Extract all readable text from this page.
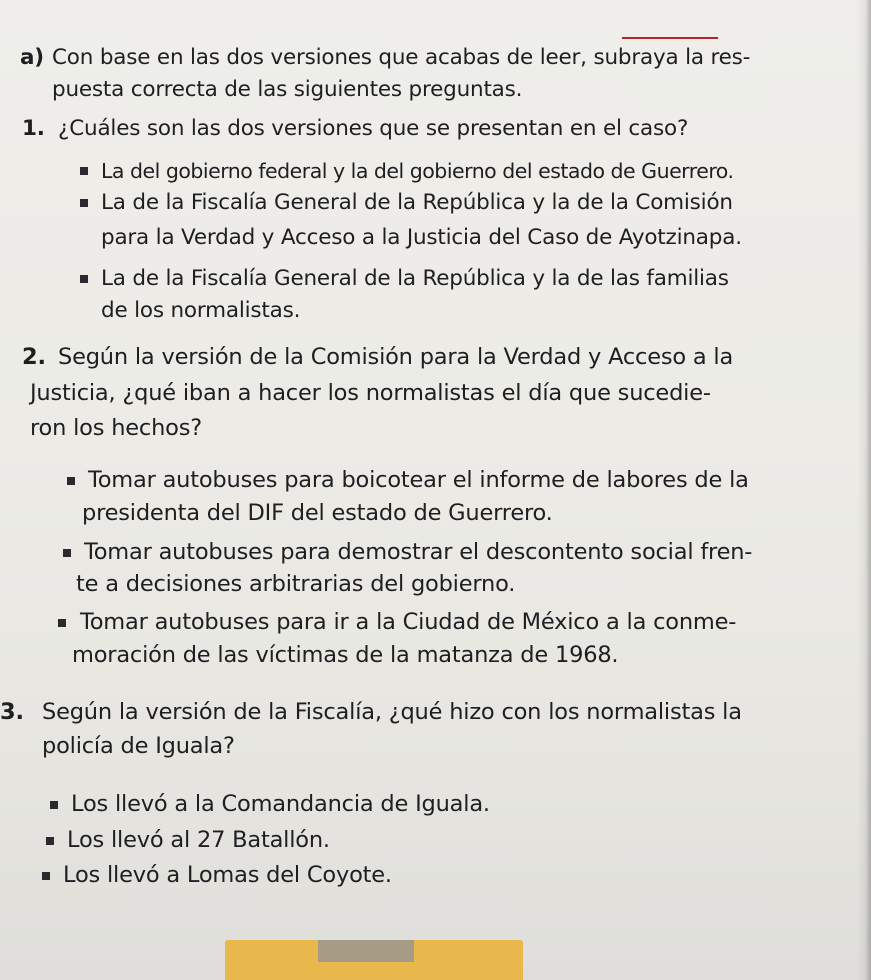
a) Con base en las dos versiones que acabas de leer, subraya la res-
puesta correcta de las siguientes preguntas.
1. ¿Cuáles son las dos versiones que se presentan en el caso?
La del gobierno federal y la del gobierno del estado de Guerrero.
La de la Fiscalía General de la República y la de la Comisión
para la Verdad y Acceso a la Justicia del Caso de Ayotzinapa.
La de la Fiscalía General de la República y la de las familias
de los normalistas.
2. Según la versión de la Comisión para la Verdad y Acceso a la
Justicia, ¿qué iban a hacer los normalistas el día que sucedie-
ron los hechos?
Tomar autobuses para boicotear el informe de labores de la
presidenta del DIF del estado de Guerrero.
Tomar autobuses para demostrar el descontento social fren-
te a decisiones arbitrarias del gobierno.
Tomar autobuses para ir a la Ciudad de México a la conme-
moración de las víctimas de la matanza de 1968.
3. Según la versión de la Fiscalía, ¿qué hizo con los normalistas la
policía de Iguala?
Los llevó a la Comandancia de Iguala.
Los llevó al 27 Batallón.
Los llevó a Lomas del Coyote.
